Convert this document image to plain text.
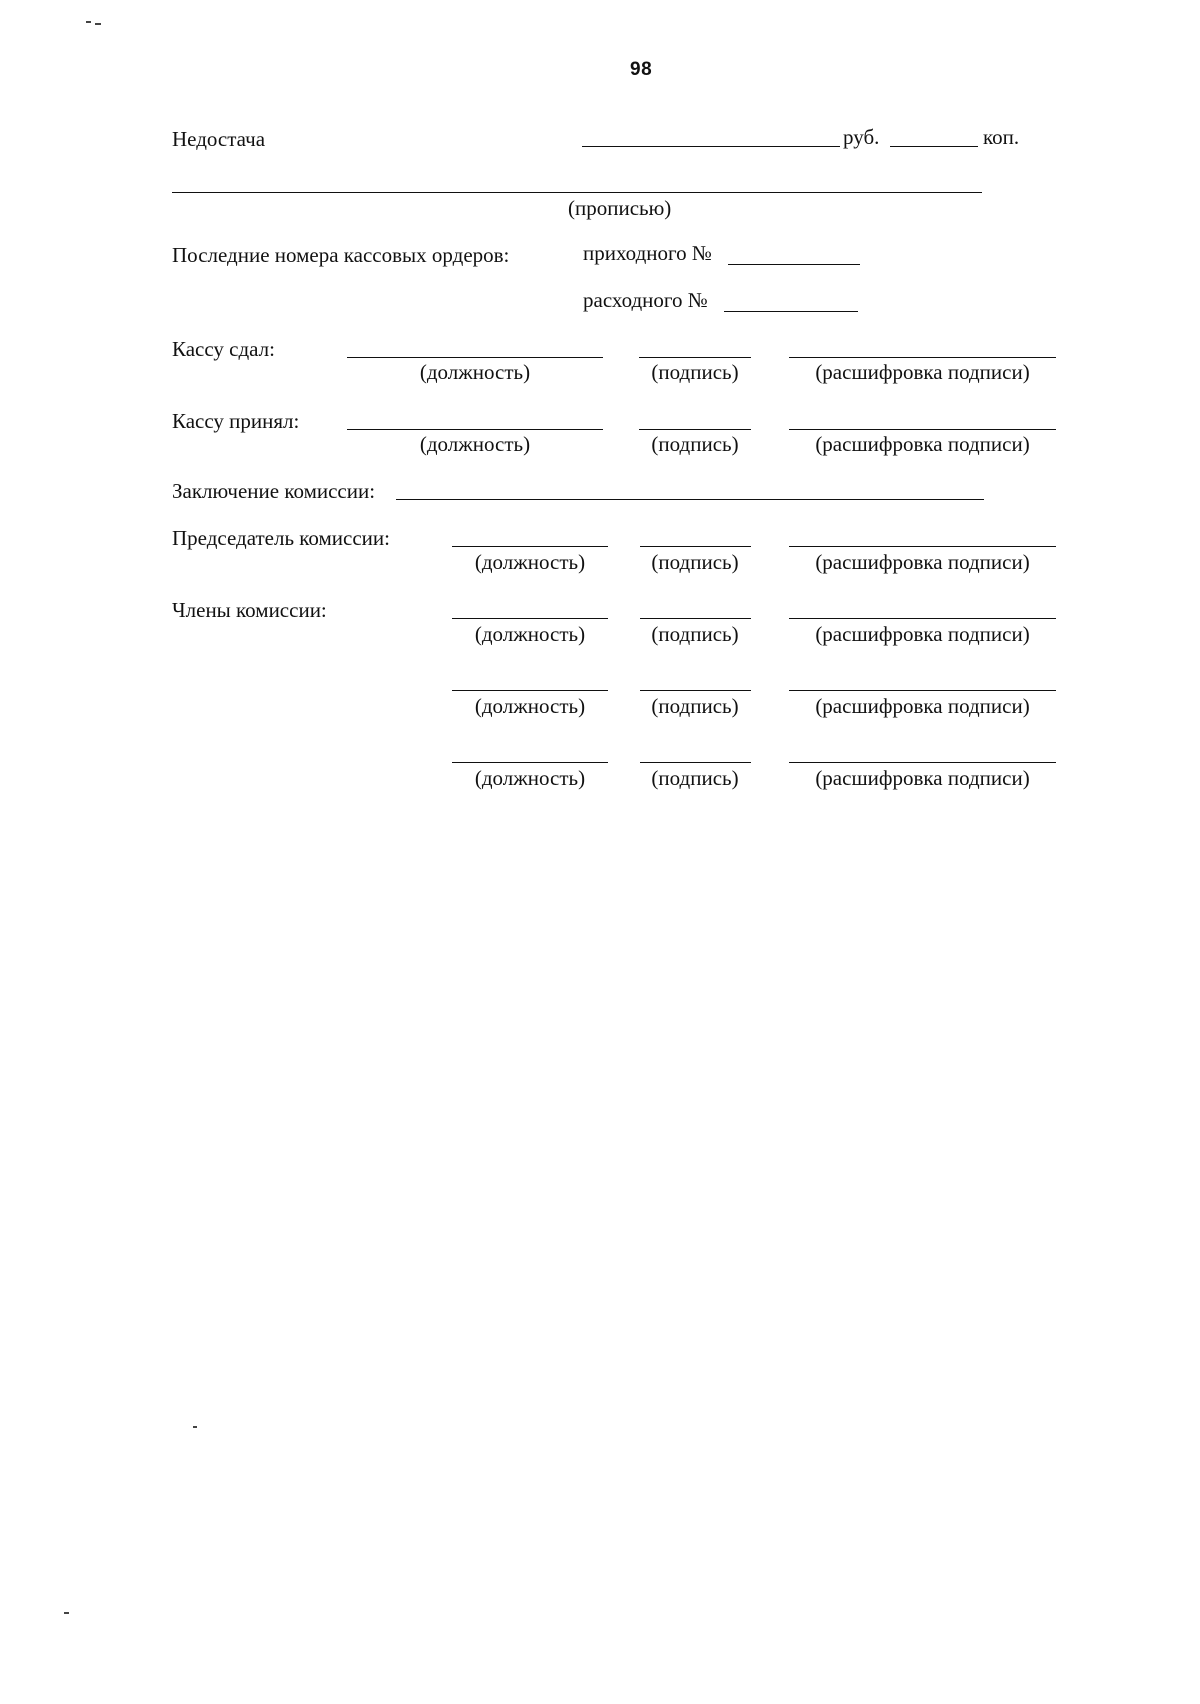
98
Недостача	руб.	коп.
(прописью)
Последние номера кассовых ордеров:	приходного №
расходного №
Кассу сдал:
(должность)	(подпись)	(расшифровка подписи)
Кассу принял:
(должность)	(подпись)	(расшифровка подписи)
Заключение комиссии:
Председатель комиссии:
(должность)	(подпись)	(расшифровка подписи)
Члены комиссии:
(должность)	(подпись)	(расшифровка подписи)
(должность)	(подпись)	(расшифровка подписи)
(должность)	(подпись)	(расшифровка подписи)
